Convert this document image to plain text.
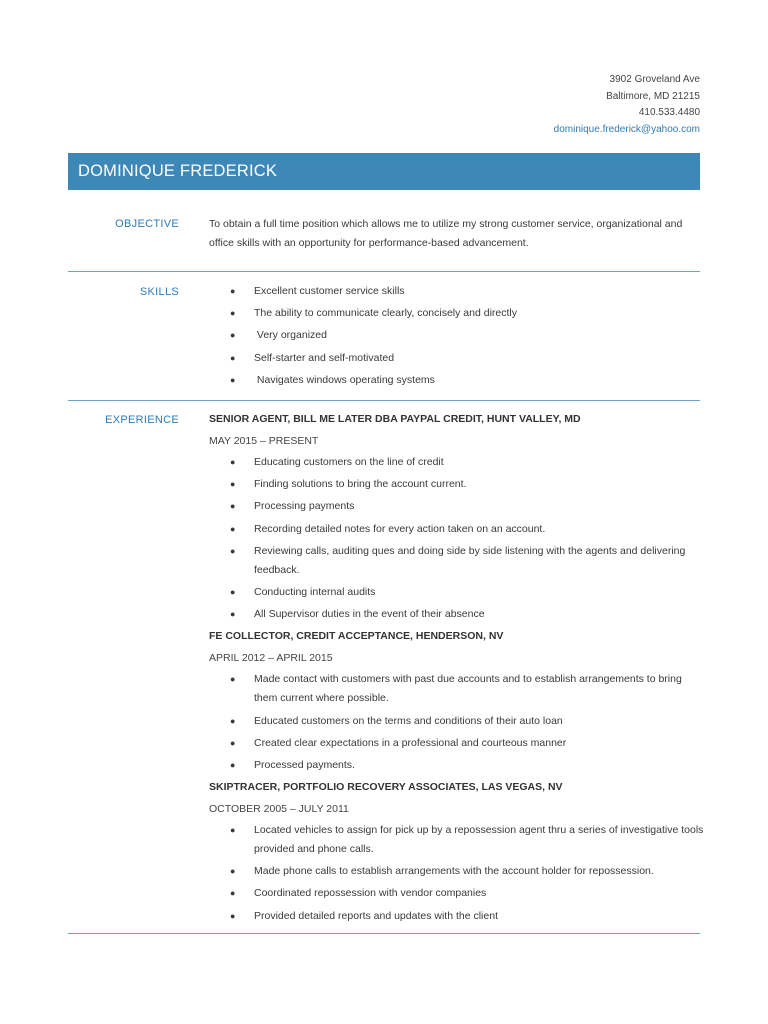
3902 Groveland Ave
Baltimore, MD 21215
410.533.4480
dominique.frederick@yahoo.com
DOMINIQUE FREDERICK
OBJECTIVE	To obtain a full time position which allows me to utilize my strong customer service, organizational and office skills with an opportunity for performance-based advancement.
SKILLS	● Excellent customer service skills
● The ability to communicate clearly, concisely and directly
● Very organized
● Self-starter and self-motivated
● Navigates windows operating systems
EXPERIENCE	SENIOR AGENT, BILL ME LATER DBA PAYPAL CREDIT, HUNT VALLEY, MD
MAY 2015 – PRESENT
● Educating customers on the line of credit
● Finding solutions to bring the account current.
● Processing payments
● Recording detailed notes for every action taken on an account.
● Reviewing calls, auditing ques and doing side by side listening with the agents and delivering feedback.
● Conducting internal audits
● All Supervisor duties in the event of their absence
FE COLLECTOR, CREDIT ACCEPTANCE, HENDERSON, NV
APRIL 2012 – APRIL 2015
● Made contact with customers with past due accounts and to establish arrangements to bring them current where possible.
● Educated customers on the terms and conditions of their auto loan
● Created clear expectations in a professional and courteous manner
● Processed payments.
SKIPTRACER, PORTFOLIO RECOVERY ASSOCIATES, LAS VEGAS, NV
OCTOBER 2005 – JULY 2011
● Located vehicles to assign for pick up by a repossession agent thru a series of investigative tools provided and phone calls.
● Made phone calls to establish arrangements with the account holder for repossession.
● Coordinated repossession with vendor companies
● Provided detailed reports and updates with the client
